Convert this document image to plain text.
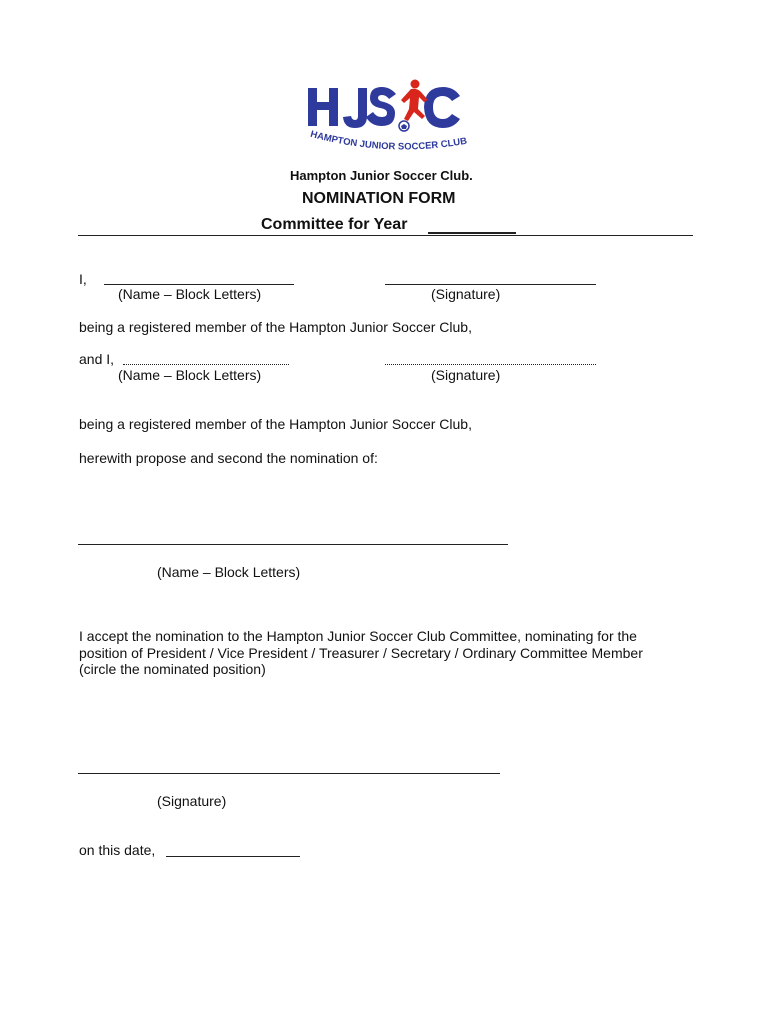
HAMPTON JUNIOR SOCCER CLUB
Hampton Junior Soccer Club.
NOMINATION FORM
Committee for Year
I,
(Name – Block Letters)	(Signature)
being a registered member of the Hampton Junior Soccer Club,
and I,
(Name – Block Letters)	(Signature)
being a registered member of the Hampton Junior Soccer Club,
herewith propose and second the nomination of:
(Name – Block Letters)
I accept the nomination to the Hampton Junior Soccer Club Committee, nominating for the
position of President / Vice President / Treasurer / Secretary / Ordinary Committee Member
(circle the nominated position)
(Signature)
on this date,
